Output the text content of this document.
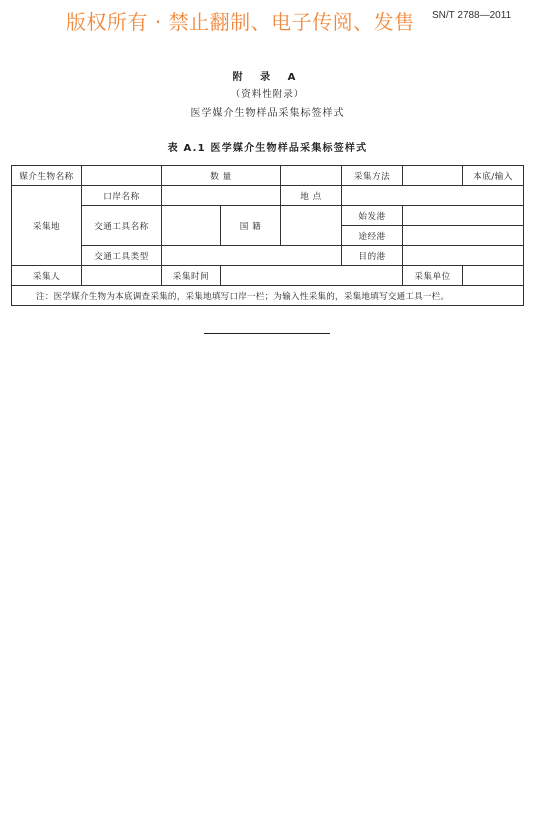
版权所有 · 禁止翻制、电子传阅、发售 SN/T 2788—2011
附 录 A
（资料性附录）
医学媒介生物样品采集标签样式
表 A.1 医学媒介生物样品采集标签样式
媒介生物名称		数 量			采集方法		本底/输入	
采集地	口岸名称			地 点				
	交通工具名称		国 籍		始发港			
					途经港			
	交通工具类型				目的港			
采集人		采集时间				采集单位		
注：医学媒介生物为本底调查采集的，采集地填写口岸一栏；为输入性采集的，采集地填写交通工具一栏。								
